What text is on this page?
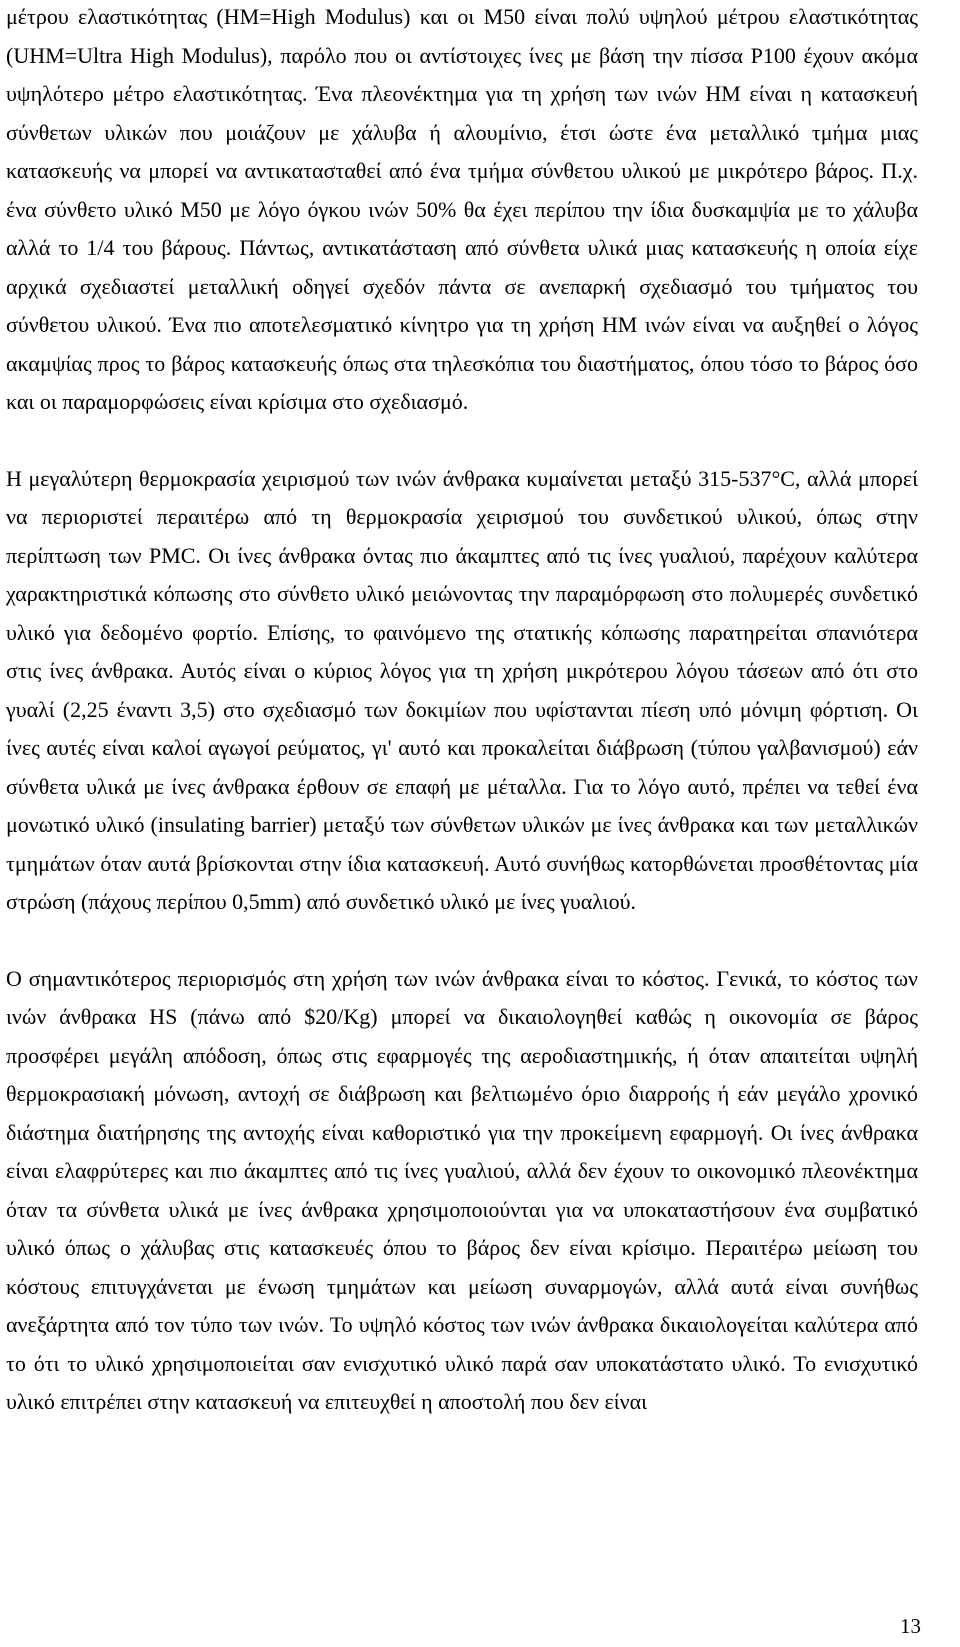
μέτρου ελαστικότητας (HM=High Modulus) και οι M50 είναι πολύ υψηλού μέτρου ελαστικότητας (UHM=Ultra High Modulus), παρόλο που οι αντίστοιχες ίνες με βάση την πίσσα P100 έχουν ακόμα υψηλότερο μέτρο ελαστικότητας. Ένα πλεονέκτημα για τη χρήση των ινών HM είναι η κατασκευή σύνθετων υλικών που μοιάζουν με χάλυβα ή αλουμίνιο, έτσι ώστε ένα μεταλλικό τμήμα μιας κατασκευής να μπορεί να αντικατασταθεί από ένα τμήμα σύνθετου υλικού με μικρότερο βάρος. Π.χ. ένα σύνθετο υλικό M50 με λόγο όγκου ινών 50% θα έχει περίπου την ίδια δυσκαμψία με το χάλυβα αλλά το 1/4 του βάρους. Πάντως, αντικατάσταση από σύνθετα υλικά μιας κατασκευής η οποία είχε αρχικά σχεδιαστεί μεταλλική οδηγεί σχεδόν πάντα σε ανεπαρκή σχεδιασμό του τμήματος του σύνθετου υλικού. Ένα πιο αποτελεσματικό κίνητρο για τη χρήση HM ινών είναι να αυξηθεί ο λόγος ακαμψίας προς το βάρος κατασκευής όπως στα τηλεσκόπια του διαστήματος, όπου τόσο το βάρος όσο και οι παραμορφώσεις είναι κρίσιμα στο σχεδιασμό.

Η μεγαλύτερη θερμοκρασία χειρισμού των ινών άνθρακα κυμαίνεται μεταξύ 315-537°C, αλλά μπορεί να περιοριστεί περαιτέρω από τη θερμοκρασία χειρισμού του συνδετικού υλικού, όπως στην περίπτωση των PMC. Οι ίνες άνθρακα όντας πιο άκαμπτες από τις ίνες γυαλιού, παρέχουν καλύτερα χαρακτηριστικά κόπωσης στο σύνθετο υλικό μειώνοντας την παραμόρφωση στο πολυμερές συνδετικό υλικό για δεδομένο φορτίο. Επίσης, το φαινόμενο της στατικής κόπωσης παρατηρείται σπανιότερα στις ίνες άνθρακα. Αυτός είναι ο κύριος λόγος για τη χρήση μικρότερου λόγου τάσεων από ότι στο γυαλί (2,25 έναντι 3,5) στο σχεδιασμό των δοκιμίων που υφίστανται πίεση υπό μόνιμη φόρτιση. Οι ίνες αυτές είναι καλοί αγωγοί ρεύματος, γι' αυτό και προκαλείται διάβρωση (τύπου γαλβανισμού) εάν σύνθετα υλικά με ίνες άνθρακα έρθουν σε επαφή με μέταλλα. Για το λόγο αυτό, πρέπει να τεθεί ένα μονωτικό υλικό (insulating barrier) μεταξύ των σύνθετων υλικών με ίνες άνθρακα και των μεταλλικών τμημάτων όταν αυτά βρίσκονται στην ίδια κατασκευή. Αυτό συνήθως κατορθώνεται προσθέτοντας μία στρώση (πάχους περίπου 0,5mm) από συνδετικό υλικό με ίνες γυαλιού.

Ο σημαντικότερος περιορισμός στη χρήση των ινών άνθρακα είναι το κόστος. Γενικά, το κόστος των ινών άνθρακα HS (πάνω από $20/Kg) μπορεί να δικαιολογηθεί καθώς η οικονομία σε βάρος προσφέρει μεγάλη απόδοση, όπως στις εφαρμογές της αεροδιαστημικής, ή όταν απαιτείται υψηλή θερμοκρασιακή μόνωση, αντοχή σε διάβρωση και βελτιωμένο όριο διαρροής ή εάν μεγάλο χρονικό διάστημα διατήρησης της αντοχής είναι καθοριστικό για την προκείμενη εφαρμογή. Οι ίνες άνθρακα είναι ελαφρύτερες και πιο άκαμπτες από τις ίνες γυαλιού, αλλά δεν έχουν το οικονομικό πλεονέκτημα όταν τα σύνθετα υλικά με ίνες άνθρακα χρησιμοποιούνται για να υποκαταστήσουν ένα συμβατικό υλικό όπως ο χάλυβας στις κατασκευές όπου το βάρος δεν είναι κρίσιμο. Περαιτέρω μείωση του κόστους επιτυγχάνεται με ένωση τμημάτων και μείωση συναρμογών, αλλά αυτά είναι συνήθως ανεξάρτητα από τον τύπο των ινών. Το υψηλό κόστος των ινών άνθρακα δικαιολογείται καλύτερα από το ότι το υλικό χρησιμοποιείται σαν ενισχυτικό υλικό παρά σαν υποκατάστατο υλικό. Το ενισχυτικό υλικό επιτρέπει στην κατασκευή να επιτευχθεί η αποστολή που δεν είναι

13
